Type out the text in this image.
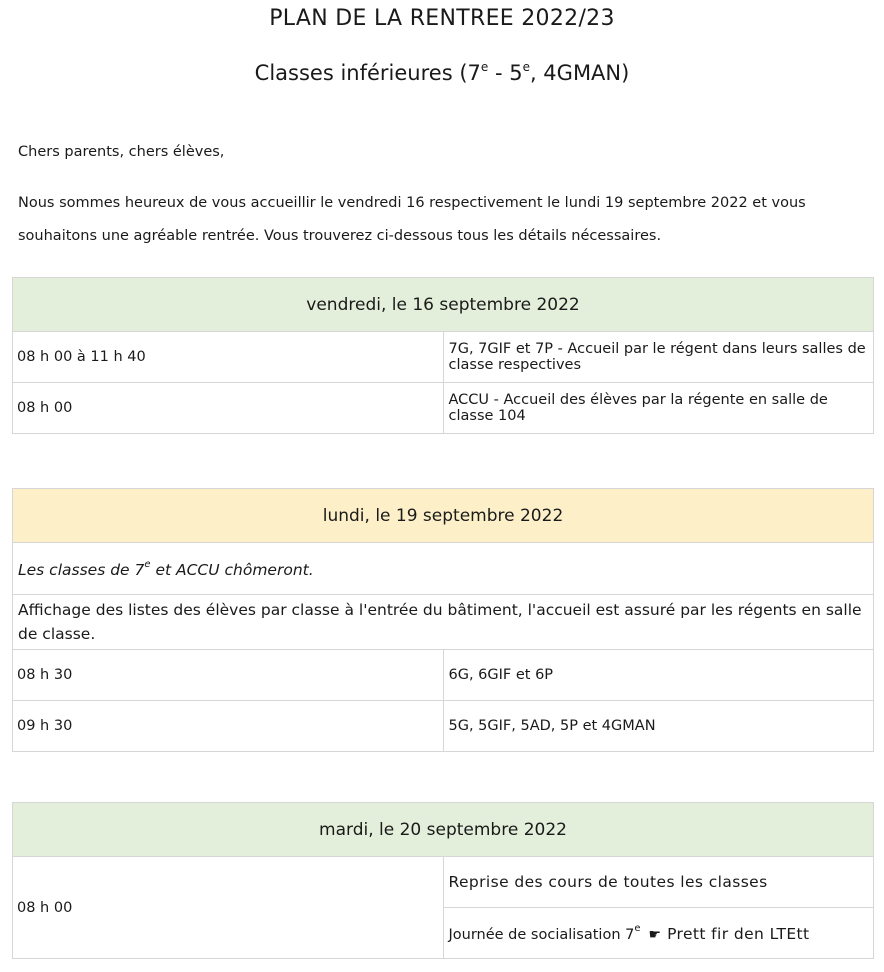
PLAN DE LA RENTREE 2022/23
Classes inférieures (7e - 5e, 4GMAN)
Chers parents, chers élèves,
Nous sommes heureux de vous accueillir le vendredi 16 respectivement le lundi 19 septembre 2022 et vous souhaitons une agréable rentrée. Vous trouverez ci-dessous tous les détails nécessaires.
vendredi, le 16 septembre 2022	
08 h 00 à 11 h 40	7G, 7GIF et 7P - Accueil par le régent dans leurs salles de classe respectives
08 h 00	ACCU - Accueil des élèves par la régente en salle de classe 104
lundi, le 19 septembre 2022	
Les classes de 7e et ACCU chômeront.	
Affichage des listes des élèves par classe à l'entrée du bâtiment, l'accueil est assuré par les régents en salle de classe.	
08 h 30	6G, 6GIF et 6P
09 h 30	5G, 5GIF, 5AD, 5P et 4GMAN
mardi, le 20 septembre 2022
08 h 00	Reprise des cours de toutes les classes
Journée de socialisation 7e ☛ Prett fir den LTEtt
